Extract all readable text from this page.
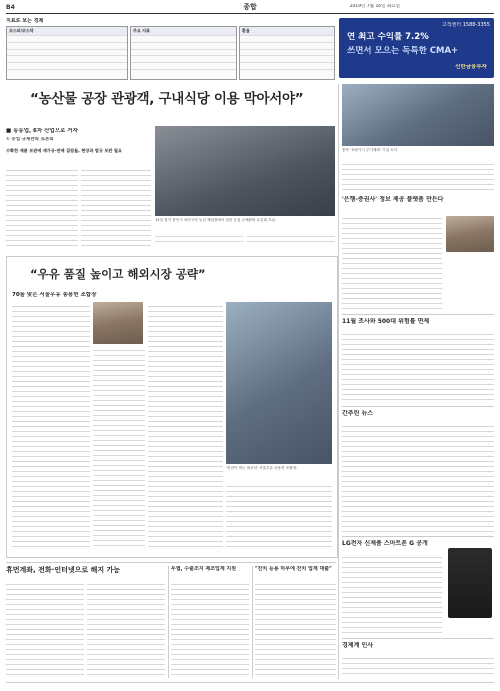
B4	종합	2019년 7월 16일 화요일
지표로 보는 경제
코스피/코스닥

	주요 지표

	환율

고객센터 1588-3355
연 최고 수익률 7.2%
쓰면서 모으는 독특한 CMA+
신한금융투자
“농산물 공장 관광객, 구내식당 이용 막아서야”
■ 농농업, 6차 산업으로 거자
① 농업 규제완화 토론회
수확한 제품 보관에 재가공·판매 걸림돌, 현장과 법규 보완 필요
15일 경기 용인시 처인구의 농업 체험장에서 열린 농업 규제완화 토론회 모습.
충북 '호랑가시 추가계획' 기업 소식
'은행-증권사' 정보 제공 플랫폼 만든다
11월 조사와 500대 위험률 면제
간추린 뉴스
LG전자 신제품 스마트폰 G 공개
경제계 인사
“우유 품질 높이고 해외시장 공략”
70돌 맞은 서울우유 송용헌 조합장
'안전이 먹는 최우선' 서울우유 송용헌 조합장.
휴먼계좌, 전화·인터넷으로 해지 가능	두협, 수출조지 제조업계 지원	"잔치 등용 하루에 잔치 업계 대출"
